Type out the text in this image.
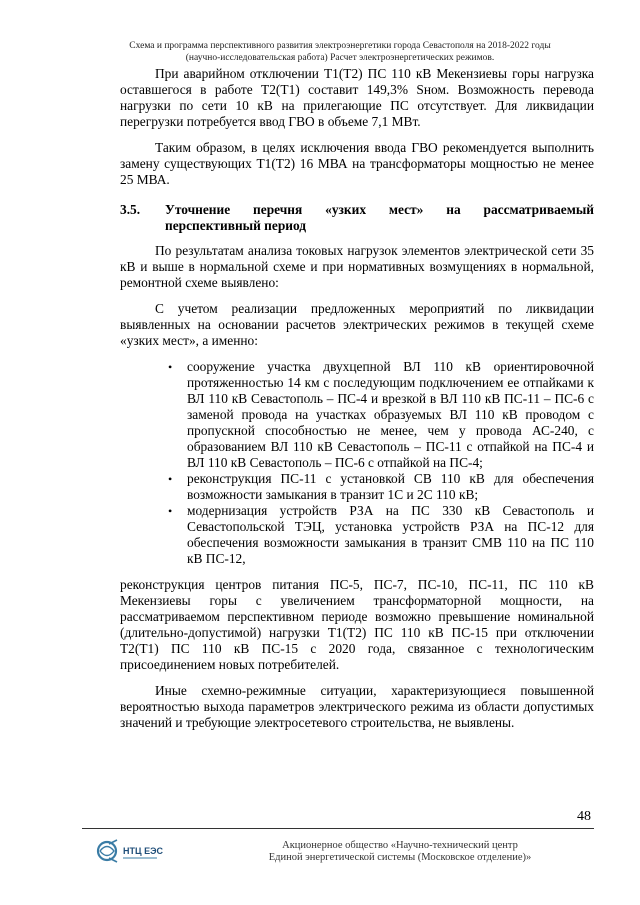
Схема и программа перспективного развития электроэнергетики города Севастополя на 2018-2022 годы
(научно-исследовательская работа) Расчет электроэнергетических режимов.

При аварийном отключении Т1(Т2) ПС 110 кВ Мекензиевы горы нагрузка оставшегося в работе Т2(Т1) составит 149,3% Sном. Возможность перевода нагрузки по сети 10 кВ на прилегающие ПС отсутствует. Для ликвидации перегрузки потребуется ввод ГВО в объеме 7,1 МВт.

Таким образом, в целях исключения ввода ГВО рекомендуется выполнить замену существующих Т1(Т2) 16 МВА на трансформаторы мощностью не менее 25 МВА.

3.5.	Уточнение перечня «узких мест» на рассматриваемый перспективный период

По результатам анализа токовых нагрузок элементов электрической сети 35 кВ и выше в нормальной схеме и при нормативных возмущениях в нормальной, ремонтной схеме выявлено:

С учетом реализации предложенных мероприятий по ликвидации выявленных на основании расчетов электрических режимов в текущей схеме «узких мест», а именно:

• сооружение участка двухцепной ВЛ 110 кВ ориентировочной протяженностью 14 км с последующим подключением ее отпайками к ВЛ 110 кВ Севастополь – ПС-4 и врезкой в ВЛ 110 кВ ПС-11 – ПС-6 с заменой провода на участках образуемых ВЛ 110 кВ проводом с пропускной способностью не менее, чем у провода АС-240, с образованием ВЛ 110 кВ Севастополь – ПС-11 с отпайкой на ПС-4 и ВЛ 110 кВ Севастополь – ПС-6 с отпайкой на ПС-4;
• реконструкция ПС-11 с установкой СВ 110 кВ для обеспечения возможности замыкания в транзит 1С и 2С 110 кВ;
• модернизация устройств РЗА на ПС 330 кВ Севастополь и Севастопольской ТЭЦ, установка устройств РЗА на ПС-12 для обеспечения возможности замыкания в транзит СМВ 110 на ПС 110 кВ ПС-12,

реконструкция центров питания ПС-5, ПС-7, ПС-10, ПС-11, ПС 110 кВ Мекензиевы горы с увеличением трансформаторной мощности, на рассматриваемом перспективном периоде возможно превышение номинальной (длительно-допустимой) нагрузки Т1(Т2) ПС 110 кВ ПС-15 при отключении Т2(Т1) ПС 110 кВ ПС-15 с 2020 года, связанное с технологическим присоединением новых потребителей.

Иные схемно-режимные ситуации, характеризующиеся повышенной вероятностью выхода параметров электрического режима из области допустимых значений и требующие электросетевого строительства, не выявлены.

48
НТЦ ЕЭС	Акционерное общество «Научно-технический центр
Единой энергетической системы (Московское отделение)»
